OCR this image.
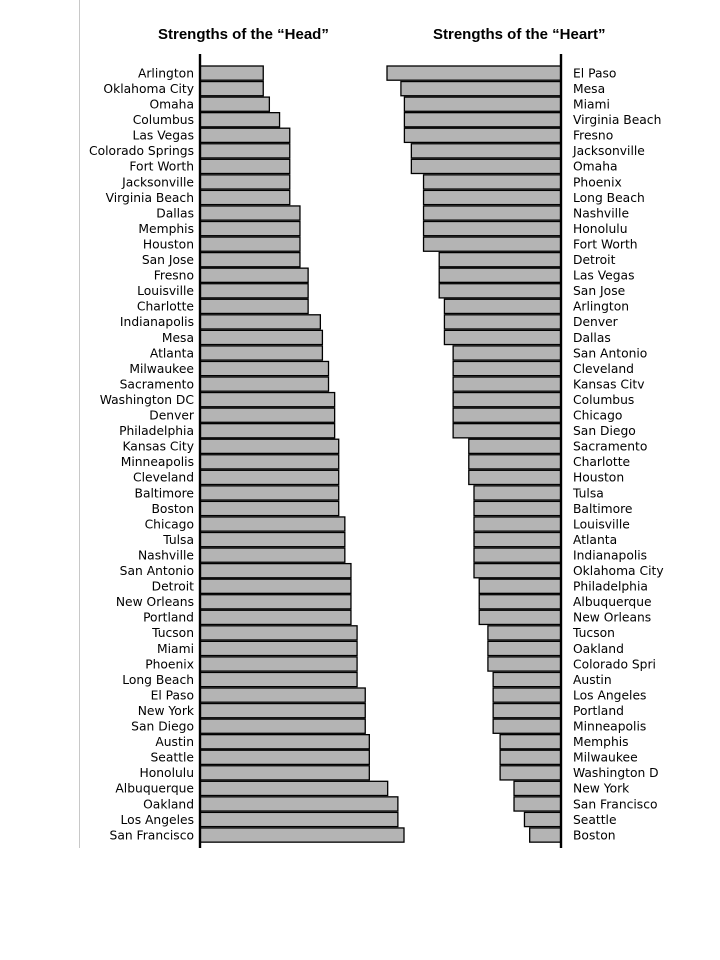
Strengths of the “Head”	Strengths of the “Heart”
Arlington
Oklahoma City
Omaha
Columbus
Las Vegas
Colorado Springs
Fort Worth
Jacksonville
Virginia Beach
Dallas
Memphis
Houston
San Jose
Fresno
Louisville
Charlotte
Indianapolis
Mesa
Atlanta
Milwaukee
Sacramento
Washington DC
Denver
Philadelphia
Kansas City
Minneapolis
Cleveland
Baltimore
Boston
Chicago
Tulsa
Nashville
San Antonio
Detroit
New Orleans
Portland
Tucson
Miami
Phoenix
Long Beach
El Paso
New York
San Diego
Austin
Seattle
Honolulu
Albuquerque
Oakland
Los Angeles
San Francisco
El Paso
Mesa
Miami
Virginia Beach
Fresno
Jacksonville
Omaha
Phoenix
Long Beach
Nashville
Honolulu
Fort Worth
Detroit
Las Vegas
San Jose
Arlington
Denver
Dallas
San Antonio
Cleveland
Kansas Citv
Columbus
Chicago
San Diego
Sacramento
Charlotte
Houston
Tulsa
Baltimore
Louisville
Atlanta
Indianapolis
Oklahoma City
Philadelphia
Albuquerque
New Orleans
Tucson
Oakland
Colorado Spri
Austin
Los Angeles
Portland
Minneapolis
Memphis
Milwaukee
Washington D
New York
San Francisco
Seattle
Boston
